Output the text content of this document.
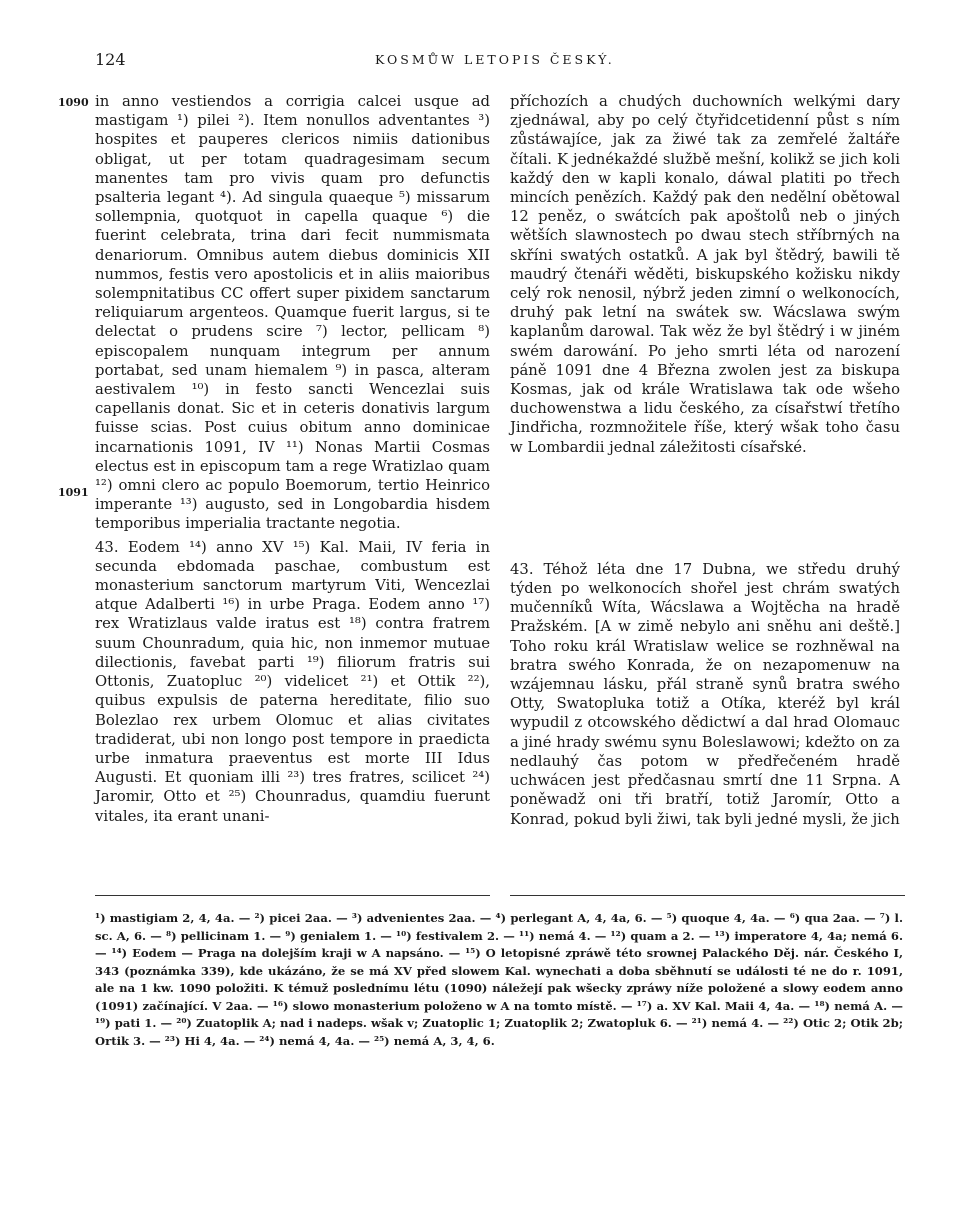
124	KOSMŮW LETOPIS ČESKÝ.
1090
1091

in anno vestiendos a corrigia calcei usque ad mastigam ¹) pilei ²). Item nonullos adventantes ³) hospites et pauperes clericos nimiis dationibus obligat, ut per totam quadragesimam secum manentes tam pro vivis quam pro defunctis psalteria legant ⁴). Ad singula quaeque ⁵) missarum sollempnia, quotquot in capella quaque ⁶) die fuerint celebrata, trina dari fecit nummismata denariorum. Omnibus autem diebus dominicis XII nummos, festis vero apostolicis et in aliis maioribus solempnitatibus CC offert super pixidem sanctarum reliquiarum argenteos. Quamque fuerit largus, si te delectat o prudens scire ⁷) lector, pellicam ⁸) episcopalem nunquam integrum per annum portabat, sed unam hiemalem ⁹) in pasca, alteram aestivalem ¹⁰) in festo sancti Wencezlai suis capellanis donat. Sic et in ceteris donativis largum fuisse scias. Post cuius obitum anno dominicae incarnationis 1091, IV ¹¹) Nonas Martii Cosmas electus est in episcopum tam a rege Wratizlao quam ¹²) omni clero ac populo Boemorum, tertio Heinrico imperante ¹³) augusto, sed in Longobardia hisdem temporibus imperialia tractante negotia.

43. Eodem ¹⁴) anno XV ¹⁵) Kal. Maii, IV feria in secunda ebdomada paschae, combustum est monasterium sanctorum martyrum Viti, Wencezlai atque Adalberti ¹⁶) in urbe Praga. Eodem anno ¹⁷) rex Wratizlaus valde iratus est ¹⁸) contra fratrem suum Chounradum, quia hic, non inmemor mutuae dilectionis, favebat parti ¹⁹) filiorum fratris sui Ottonis, Zuatopluc ²⁰) videlicet ²¹) et Ottik ²²), quibus expulsis de paterna hereditate, filio suo Bolezlao rex urbem Olomuc et alias civitates tradiderat, ubi non longo post tempore in praedicta urbe inmatura praeventus est morte III Idus Augusti. Et quoniam illi ²³) tres fratres, scilicet ²⁴) Jaromir, Otto et ²⁵) Chounradus, quamdiu fuerunt vitales, ita erant unani-

příchozích a chudých duchowních welkými dary zjednáwal, aby po celý čtyřidcetidenní půst s ním zůstáwajíce, jak za žiwé tak za zemřelé žaltáře čítali. K jednékaždé službě mešní, kolikž se jich koli každý den w kapli konalo, dáwal platiti po třech mincích penězích. Každý pak den nedělní obětowal 12 peněz, o swátcích pak apoštolů neb o jiných wětších slawnostech po dwau stech stříbrných na skříni swatých ostatků. A jak byl štědrý, bawili tě maudrý čtenáři wěděti, biskupského kožisku nikdy celý rok nenosil, nýbrž jeden zimní o welkonocích, druhý pak letní na swátek sw. Wácslawa swým kaplanům darowal. Tak wěz že byl štědrý i w jiném swém darowání. Po jeho smrti léta od narození páně 1091 dne 4 Března zwolen jest za biskupa Kosmas, jak od krále Wratislawa tak ode wšeho duchowenstwa a lidu českého, za císařstwí třetího Jindřicha, rozmnožitele říše, který wšak toho času w Lombardii jednal záležitosti císařské.

43. Téhož léta dne 17 Dubna, we středu druhý týden po welkonocích shořel jest chrám swatých mučenníků Wíta, Wácslawa a Wojtěcha na hradě Pražském. [A w zimě nebylo ani sněhu ani deště.] Toho roku král Wratislaw welice se rozhněwal na bratra swého Konrada, že on nezapomenuw na wzájemnau lásku, přál straně synů bratra swého Otty, Swatopluka totiž a Otíka, kteréž byl král wypudil z otcowského dědictwí a dal hrad Olomauc a jiné hrady swému synu Boleslawowi; kdežto on za nedlauhý čas potom w předřečeném hradě uchwácen jest předčasnau smrtí dne 11 Srpna. A poněwadž oni tři bratří, totiž Jaromír, Otto a Konrad, pokud byli žiwi, tak byli jedné mysli, že jich

¹) mastigiam 2, 4, 4a. — ²) picei 2aa. — ³) advenientes 2aa. — ⁴) perlegant A, 4, 4a, 6. — ⁵) quoque 4, 4a. — ⁶) qua 2aa. — ⁷) l. sc. A, 6. — ⁸) pellicinam 1. — ⁹) genialem 1. — ¹⁰) festivalem 2. — ¹¹) nemá 4. — ¹²) quam a 2. — ¹³) imperatore 4, 4a; nemá 6. — ¹⁴) Eodem — Praga na dolejším kraji w A napsáno. — ¹⁵) O letopisné zpráwě této srownej Palackého Děj. nár. Českého I, 343 (poznámka 339), kde ukázáno, že se má XV před slowem Kal. wynechati a doba sběhnutí se události té ne do r. 1091, ale na 1 kw. 1090 položiti. K témuž poslednímu létu (1090) náležejí pak wšecky zpráwy níže položené a slowy eodem anno (1091) začínající. V 2aa. — ¹⁶) slowo monasterium položeno w A na tomto místě. — ¹⁷) a. XV Kal. Maii 4, 4a. — ¹⁸) nemá A. — ¹⁹) pati 1. — ²⁰) Zuatoplik A; nad i nadeps. wšak v; Zuatoplic 1; Zuatoplik 2; Zwatopluk 6. — ²¹) nemá 4. — ²²) Otic 2; Otik 2b; Ortik 3. — ²³) Hi 4, 4a. — ²⁴) nemá 4, 4a. — ²⁵) nemá A, 3, 4, 6.
